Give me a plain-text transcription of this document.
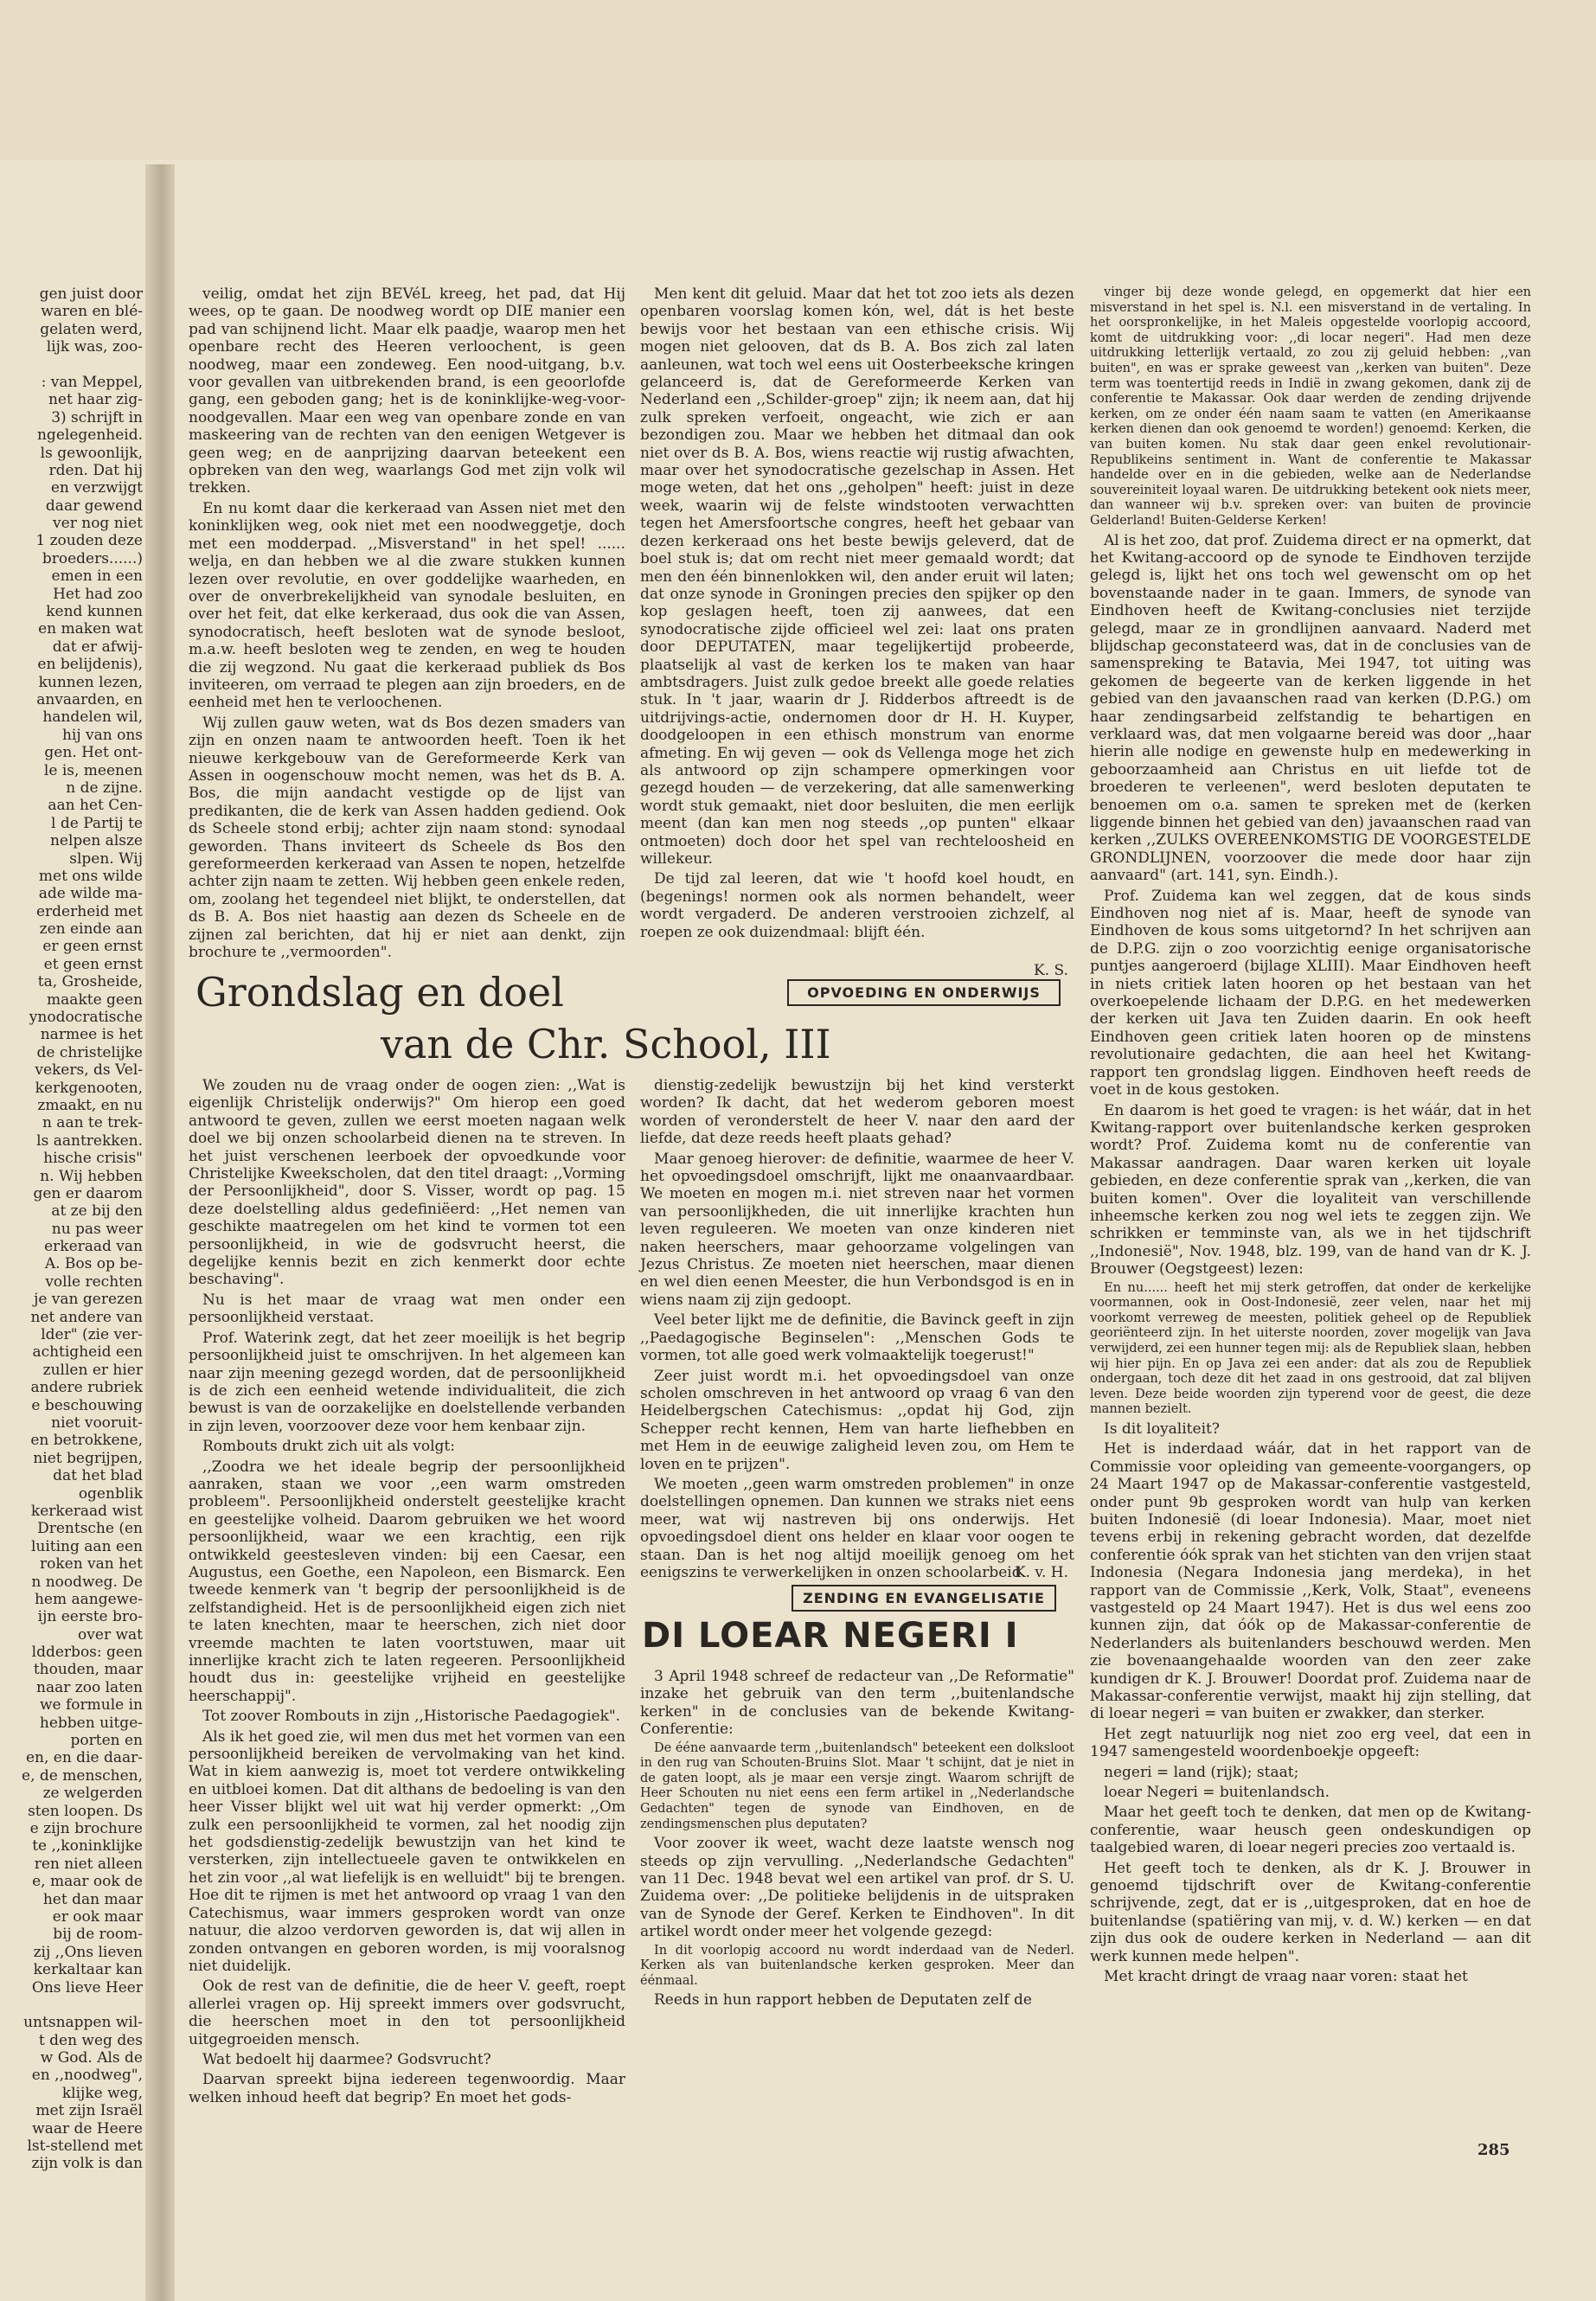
gen juist door
waren en blé-
gelaten werd,
lijk was, zoo-
: van Meppel,
net haar zig-
3) schrijft in
ngelegenheid.
ls gewoonlijk,
rden. Dat hij
en verzwijgt
daar gewend
ver nog niet
1 zouden deze
broeders......)
emen in een
Het had zoo
kend kunnen
en maken wat
dat er afwij-
en belijdenis),
kunnen lezen,
anvaarden, en
handelen wil,
hij van ons
gen. Het ont-
le is, meenen
n de zijne.
aan het Cen-
l de Partij te
nelpen alsze
slpen. Wij
met ons wilde
ade wilde ma-
erderheid met
zen einde aan
er geen ernst
et geen ernst
ta, Grosheide,
maakte geen
ynodocratische
narmee is het
de christelijke
vekers, ds Vel-
kerkgenooten,
zmaakt, en nu
n aan te trek-
ls aantrekken.
hische crisis"
n. Wij hebben
gen er daarom
at ze bij den
nu pas weer
erkeraad van
A. Bos op be-
volle rechten
je van gerezen
net andere van
lder" (zie ver-
achtigheid een
zullen er hier
andere rubriek
e beschouwing
niet vooruit-
en betrokkene,
niet begrijpen,
dat het blad
ogenblik
kerkeraad wist
Drentsche (en
luiting aan een
roken van het
n noodweg. De
hem aangewe-
ijn eerste bro-
over wat
ldderbos: geen
thouden, maar
naar zoo laten
we formule in
hebben uitge-
porten en
en, en die daar-
e, de menschen,
ze welgerden
sten loopen. Ds
e zijn brochure
te ,,koninklijke
ren niet alleen
e, maar ook de
het dan maar
er ook maar
bij de room-
zij ,,Ons lieven
kerkaltaar kan
Ons lieve Heer
untsnappen wil-
t den weg des
w God. Als de
en ,,noodweg",
klijke weg,
met zijn Israël
waar de Heere
lst-stellend met
zijn volk is dan

veilig, omdat het zijn BEVéL kreeg, het pad, dat Hij wees, op te gaan. De noodweg wordt op DIE manier een pad van schijnend licht. Maar elk paadje, waarop men het openbare recht des Heeren verloochent, is geen noodweg, maar een zondeweg. Een nood-uitgang, b.v. voor gevallen van uitbrekenden brand, is een geoorlofde gang, een geboden gang; het is de koninklijke-weg-voor-noodgevallen. Maar een weg van openbare zonde en van maskeering van de rechten van den eenigen Wetgever is geen weg; en de aanprijzing daarvan beteekent een opbreken van den weg, waarlangs God met zijn volk wil trekken.

En nu komt daar die kerkeraad van Assen niet met den koninklijken weg, ook niet met een noodweggetje, doch met een modderpad. ,,Misverstand" in het spel! ...... welja, en dan hebben we al die zware stukken kunnen lezen over revolutie, en over goddelijke waarheden, en over de onverbrekelijkheid van synodale besluiten, en over het feit, dat elke kerkeraad, dus ook die van Assen, synodocratisch, heeft besloten wat de synode besloot, m.a.w. heeft besloten weg te zenden, en weg te houden die zij wegzond. Nu gaat die kerkeraad publiek ds Bos inviteeren, om verraad te plegen aan zijn broeders, en de eenheid met hen te verloochenen.

Wij zullen gauw weten, wat ds Bos dezen smaders van zijn en onzen naam te antwoorden heeft. Toen ik het nieuwe kerkgebouw van de Gereformeerde Kerk van Assen in oogenschouw mocht nemen, was het ds B. A. Bos, die mijn aandacht vestigde op de lijst van predikanten, die de kerk van Assen hadden gediend. Ook ds Scheele stond erbij; achter zijn naam stond: synodaal geworden. Thans inviteert ds Scheele ds Bos den gereformeerden kerkeraad van Assen te nopen, hetzelfde achter zijn naam te zetten. Wij hebben geen enkele reden, om, zoolang het tegendeel niet blijkt, te onderstellen, dat ds B. A. Bos niet haastig aan dezen ds Scheele en de zijnen zal berichten, dat hij er niet aan denkt, zijn brochure te ,,vermoorden".

Men kent dit geluid. Maar dat het tot zoo iets als dezen openbaren voorslag komen kón, wel, dát is het beste bewijs voor het bestaan van een ethische crisis. Wij mogen niet gelooven, dat ds B. A. Bos zich zal laten aanleunen, wat toch wel eens uit Oosterbeeksche kringen gelanceerd is, dat de Gereformeerde Kerken van Nederland een ,,Schilder-groep" zijn; ik neem aan, dat hij zulk spreken verfoeit, ongeacht, wie zich er aan bezondigen zou. Maar we hebben het ditmaal dan ook niet over ds B. A. Bos, wiens reactie wij rustig afwachten, maar over het synodocratische gezelschap in Assen. Het moge weten, dat het ons ,,geholpen" heeft: juist in deze week, waarin wij de felste windstooten verwachtten tegen het Amersfoortsche congres, heeft het gebaar van dezen kerkeraad ons het beste bewijs geleverd, dat de boel stuk is; dat om recht niet meer gemaald wordt; dat men den één binnenlokken wil, den ander eruit wil laten; dat onze synode in Groningen precies den spijker op den kop geslagen heeft, toen zij aanwees, dat een synodocratische zijde officieel wel zei: laat ons praten door DEPUTATEN, maar tegelijkertijd probeerde, plaatselijk al vast de kerken los te maken van haar ambtsdragers. Juist zulk gedoe breekt alle goede relaties stuk. In 't jaar, waarin dr J. Ridderbos aftreedt is de uitdrijvings-actie, ondernomen door dr H. H. Kuyper, doodgeloopen in een ethisch monstrum van enorme afmeting. En wij geven — ook ds Vellenga moge het zich als antwoord op zijn schampere opmerkingen voor gezegd houden — de verzekering, dat alle samenwerking wordt stuk gemaakt, niet door besluiten, die men eerlijk meent (dan kan men nog steeds ,,op punten" elkaar ontmoeten) doch door het spel van rechteloosheid en willekeur.

De tijd zal leeren, dat wie 't hoofd koel houdt, en (begenings! normen ook als normen behandelt, weer wordt vergaderd. De anderen verstrooien zichzelf, al roepen ze ook duizendmaal: blijft één.

K. S.
OPVOEDING EN ONDERWIJS
Grondslag en doel
van de Chr. School, III

We zouden nu de vraag onder de oogen zien: ,,Wat is eigenlijk Christelijk onderwijs?" Om hierop een goed antwoord te geven, zullen we eerst moeten nagaan welk doel we bij onzen schoolarbeid dienen na te streven. In het juist verschenen leerboek der opvoedkunde voor Christelijke Kweekscholen, dat den titel draagt: ,,Vorming der Persoonlijkheid", door S. Visser, wordt op pag. 15 deze doelstelling aldus gedefiniëerd: ,,Het nemen van geschikte maatregelen om het kind te vormen tot een persoonlijkheid, in wie de godsvrucht heerst, die degelijke kennis bezit en zich kenmerkt door echte beschaving".

Nu is het maar de vraag wat men onder een persoonlijkheid verstaat.

Prof. Waterink zegt, dat het zeer moeilijk is het begrip persoonlijkheid juist te omschrijven. In het algemeen kan naar zijn meening gezegd worden, dat de persoonlijkheid is de zich een eenheid wetende individualiteit, die zich bewust is van de oorzakelijke en doelstellende verbanden in zijn leven, voorzoover deze voor hem kenbaar zijn.

Rombouts drukt zich uit als volgt:

,,Zoodra we het ideale begrip der persoonlijkheid aanraken, staan we voor ,,een warm omstreden probleem". Persoonlijkheid onderstelt geestelijke kracht en geestelijke volheid. Daarom gebruiken we het woord persoonlijkheid, waar we een krachtig, een rijk ontwikkeld geestesleven vinden: bij een Caesar, een Augustus, een Goethe, een Napoleon, een Bismarck. Een tweede kenmerk van 't begrip der persoonlijkheid is de zelfstandigheid. Het is de persoonlijkheid eigen zich niet te laten knechten, maar te heerschen, zich niet door vreemde machten te laten voortstuwen, maar uit innerlijke kracht zich te laten regeeren. Persoonlijkheid houdt dus in: geestelijke vrijheid en geestelijke heerschappij".

Tot zoover Rombouts in zijn ,,Historische Paedagogiek".

Als ik het goed zie, wil men dus met het vormen van een persoonlijkheid bereiken de vervolmaking van het kind. Wat in kiem aanwezig is, moet tot verdere ontwikkeling en uitbloei komen. Dat dit althans de bedoeling is van den heer Visser blijkt wel uit wat hij verder opmerkt: ,,Om zulk een persoonlijkheid te vormen, zal het noodig zijn het godsdienstig-zedelijk bewustzijn van het kind te versterken, zijn intellectueele gaven te ontwikkelen en het zin voor ,,al wat liefelijk is en welluidt" bij te brengen. Hoe dit te rijmen is met het antwoord op vraag 1 van den Catechismus, waar immers gesproken wordt van onze natuur, die alzoo verdorven geworden is, dat wij allen in zonden ontvangen en geboren worden, is mij vooralsnog niet duidelijk.

Ook de rest van de definitie, die de heer V. geeft, roept allerlei vragen op. Hij spreekt immers over godsvrucht, die heerschen moet in den tot persoonlijkheid uitgegroeiden mensch.

Wat bedoelt hij daarmee? Godsvrucht?

Daarvan spreekt bijna iedereen tegenwoordig. Maar welken inhoud heeft dat begrip? En moet het gods-

dienstig-zedelijk bewustzijn bij het kind versterkt worden? Ik dacht, dat het wederom geboren moest worden of veronderstelt de heer V. naar den aard der liefde, dat deze reeds heeft plaats gehad?

Maar genoeg hierover: de definitie, waarmee de heer V. het opvoedingsdoel omschrijft, lijkt me onaanvaardbaar. We moeten en mogen m.i. niet streven naar het vormen van persoonlijkheden, die uit innerlijke krachten hun leven reguleeren. We moeten van onze kinderen niet naken heerschers, maar gehoorzame volgelingen van Jezus Christus. Ze moeten niet heerschen, maar dienen en wel dien eenen Meester, die hun Verbondsgod is en in wiens naam zij zijn gedoopt.

Veel beter lijkt me de definitie, die Bavinck geeft in zijn ,,Paedagogische Beginselen": ,,Menschen Gods te vormen, tot alle goed werk volmaaktelijk toegerust!"

Zeer juist wordt m.i. het opvoedingsdoel van onze scholen omschreven in het antwoord op vraag 6 van den Heidelbergschen Catechismus: ,,opdat hij God, zijn Schepper recht kennen, Hem van harte liefhebben en met Hem in de eeuwige zaligheid leven zou, om Hem te loven en te prijzen".

We moeten ,,geen warm omstreden problemen" in onze doelstellingen opnemen. Dan kunnen we straks niet eens meer, wat wij nastreven bij ons onderwijs. Het opvoedingsdoel dient ons helder en klaar voor oogen te staan. Dan is het nog altijd moeilijk genoeg om het eenigszins te verwerkelijken in onzen schoolarbeid.

K. v. H.
ZENDING EN EVANGELISATIE
DI LOEAR NEGERI I

3 April 1948 schreef de redacteur van ,,De Reformatie" inzake het gebruik van den term ,,buitenlandsche kerken" in de conclusies van de bekende Kwitang-Conferentie:

De ééne aanvaarde term ,,buitenlandsch" beteekent een dolksloot in den rug van Schouten-Bruins Slot. Maar 't schijnt, dat je niet in de gaten loopt, als je maar een versje zingt. Waarom schrijft de Heer Schouten nu niet eens een ferm artikel in ,,Nederlandsche Gedachten" tegen de synode van Eindhoven, en de zendingsmenschen plus deputaten?

Voor zoover ik weet, wacht deze laatste wensch nog steeds op zijn vervulling. ,,Nederlandsche Gedachten" van 11 Dec. 1948 bevat wel een artikel van prof. dr S. U. Zuidema over: ,,De politieke belijdenis in de uitspraken van de Synode der Geref. Kerken te Eindhoven". In dit artikel wordt onder meer het volgende gezegd:

In dit voorlopig accoord nu wordt inderdaad van de Nederl. Kerken als van buitenlandsche kerken gesproken. Meer dan éénmaal.

Reeds in hun rapport hebben de Deputaten zelf de

vinger bij deze wonde gelegd, en opgemerkt dat hier een misverstand in het spel is. N.l. een misverstand in de vertaling. In het oorspronkelijke, in het Maleis opgestelde voorlopig accoord, komt de uitdrukking voor: ,,di locar negeri". Had men deze uitdrukking letterlijk vertaald, zo zou zij geluid hebben: ,,van buiten", en was er sprake geweest van ,,kerken van buiten". Deze term was toentertijd reeds in Indië in zwang gekomen, dank zij de conferentie te Makassar. Ook daar werden de zending drijvende kerken, om ze onder één naam saam te vatten (en Amerikaanse kerken dienen dan ook genoemd te worden!) genoemd: Kerken, die van buiten komen. Nu stak daar geen enkel revolutionair-Republikeins sentiment in. Want de conferentie te Makassar handelde over en in die gebieden, welke aan de Nederlandse souvereiniteit loyaal waren. De uitdrukking betekent ook niets meer, dan wanneer wij b.v. spreken over: van buiten de provincie Gelderland! Buiten-Gelderse Kerken!

Al is het zoo, dat prof. Zuidema direct er na opmerkt, dat het Kwitang-accoord op de synode te Eindhoven terzijde gelegd is, lijkt het ons toch wel gewenscht om op het bovenstaande nader in te gaan. Immers, de synode van Eindhoven heeft de Kwitang-conclusies niet terzijde gelegd, maar ze in grondlijnen aanvaard. Naderd met blijdschap geconstateerd was, dat in de conclusies van de samenspreking te Batavia, Mei 1947, tot uiting was gekomen de begeerte van de kerken liggende in het gebied van den javaanschen raad van kerken (D.P.G.) om haar zendingsarbeid zelfstandig te behartigen en verklaard was, dat men volgaarne bereid was door ,,haar hierin alle nodige en gewenste hulp en medewerking in geboorzaamheid aan Christus en uit liefde tot de broederen te verleenen", werd besloten deputaten te benoemen om o.a. samen te spreken met de (kerken liggende binnen het gebied van den) javaanschen raad van kerken ,,ZULKS OVEREENKOMSTIG DE VOORGESTELDE GRONDLIJNEN, voorzoover die mede door haar zijn aanvaard" (art. 141, syn. Eindh.).

Prof. Zuidema kan wel zeggen, dat de kous sinds Eindhoven nog niet af is. Maar, heeft de synode van Eindhoven de kous soms uitgetornd? In het schrijven aan de D.P.G. zijn o zoo voorzichtig eenige organisatorische puntjes aangeroerd (bijlage XLIII). Maar Eindhoven heeft in niets critiek laten hooren op het bestaan van het overkoepelende lichaam der D.P.G. en het medewerken der kerken uit Java ten Zuiden daarin. En ook heeft Eindhoven geen critiek laten hooren op de minstens revolutionaire gedachten, die aan heel het Kwitang-rapport ten grondslag liggen. Eindhoven heeft reeds de voet in de kous gestoken.

En daarom is het goed te vragen: is het wáár, dat in het Kwitang-rapport over buitenlandsche kerken gesproken wordt? Prof. Zuidema komt nu de conferentie van Makassar aandragen. Daar waren kerken uit loyale gebieden, en deze conferentie sprak van ,,kerken, die van buiten komen". Over die loyaliteit van verschillende inheemsche kerken zou nog wel iets te zeggen zijn. We schrikken er temminste van, als we in het tijdschrift ,,Indonesië", Nov. 1948, blz. 199, van de hand van dr K. J. Brouwer (Oegstgeest) lezen:

En nu...... heeft het mij sterk getroffen, dat onder de kerkelijke voormannen, ook in Oost-Indonesië, zeer velen, naar het mij voorkomt verreweg de meesten, politiek geheel op de Republiek georiënteerd zijn. In het uiterste noorden, zover mogelijk van Java verwijderd, zei een hunner tegen mij: als de Republiek slaan, hebben wij hier pijn. En op Java zei een ander: dat als zou de Republiek ondergaan, toch deze dit het zaad in ons gestrooid, dat zal blijven leven. Deze beide woorden zijn typerend voor de geest, die deze mannen bezielt.

Is dit loyaliteit?

Het is inderdaad wáár, dat in het rapport van de Commissie voor opleiding van gemeente-voorgangers, op 24 Maart 1947 op de Makassar-conferentie vastgesteld, onder punt 9b gesproken wordt van hulp van kerken buiten Indonesië (di loear Indonesia). Maar, moet niet tevens erbij in rekening gebracht worden, dat dezelfde conferentie óók sprak van het stichten van den vrijen staat Indonesia (Negara Indonesia jang merdeka), in het rapport van de Commissie ,,Kerk, Volk, Staat", eveneens vastgesteld op 24 Maart 1947). Het is dus wel eens zoo kunnen zijn, dat óók op de Makassar-conferentie de Nederlanders als buitenlanders beschouwd werden. Men zie bovenaangehaalde woorden van den zeer zake kundigen dr K. J. Brouwer! Doordat prof. Zuidema naar de Makassar-conferentie verwijst, maakt hij zijn stelling, dat di loear negeri = van buiten er zwakker, dan sterker.

Het zegt natuurlijk nog niet zoo erg veel, dat een in 1947 samengesteld woordenboekje opgeeft:

negeri = land (rijk); staat;

loear Negeri = buitenlandsch.

Maar het geeft toch te denken, dat men op de Kwitang-conferentie, waar heusch geen ondeskundigen op taalgebied waren, di loear negeri precies zoo vertaald is.

Het geeft toch te denken, als dr K. J. Brouwer in genoemd tijdschrift over de Kwitang-conferentie schrijvende, zegt, dat er is ,,uitgesproken, dat en hoe de buitenlandse (spatiëring van mij, v. d. W.) kerken — en dat zijn dus ook de oudere kerken in Nederland — aan dit werk kunnen mede helpen".

Met kracht dringt de vraag naar voren: staat het

285
